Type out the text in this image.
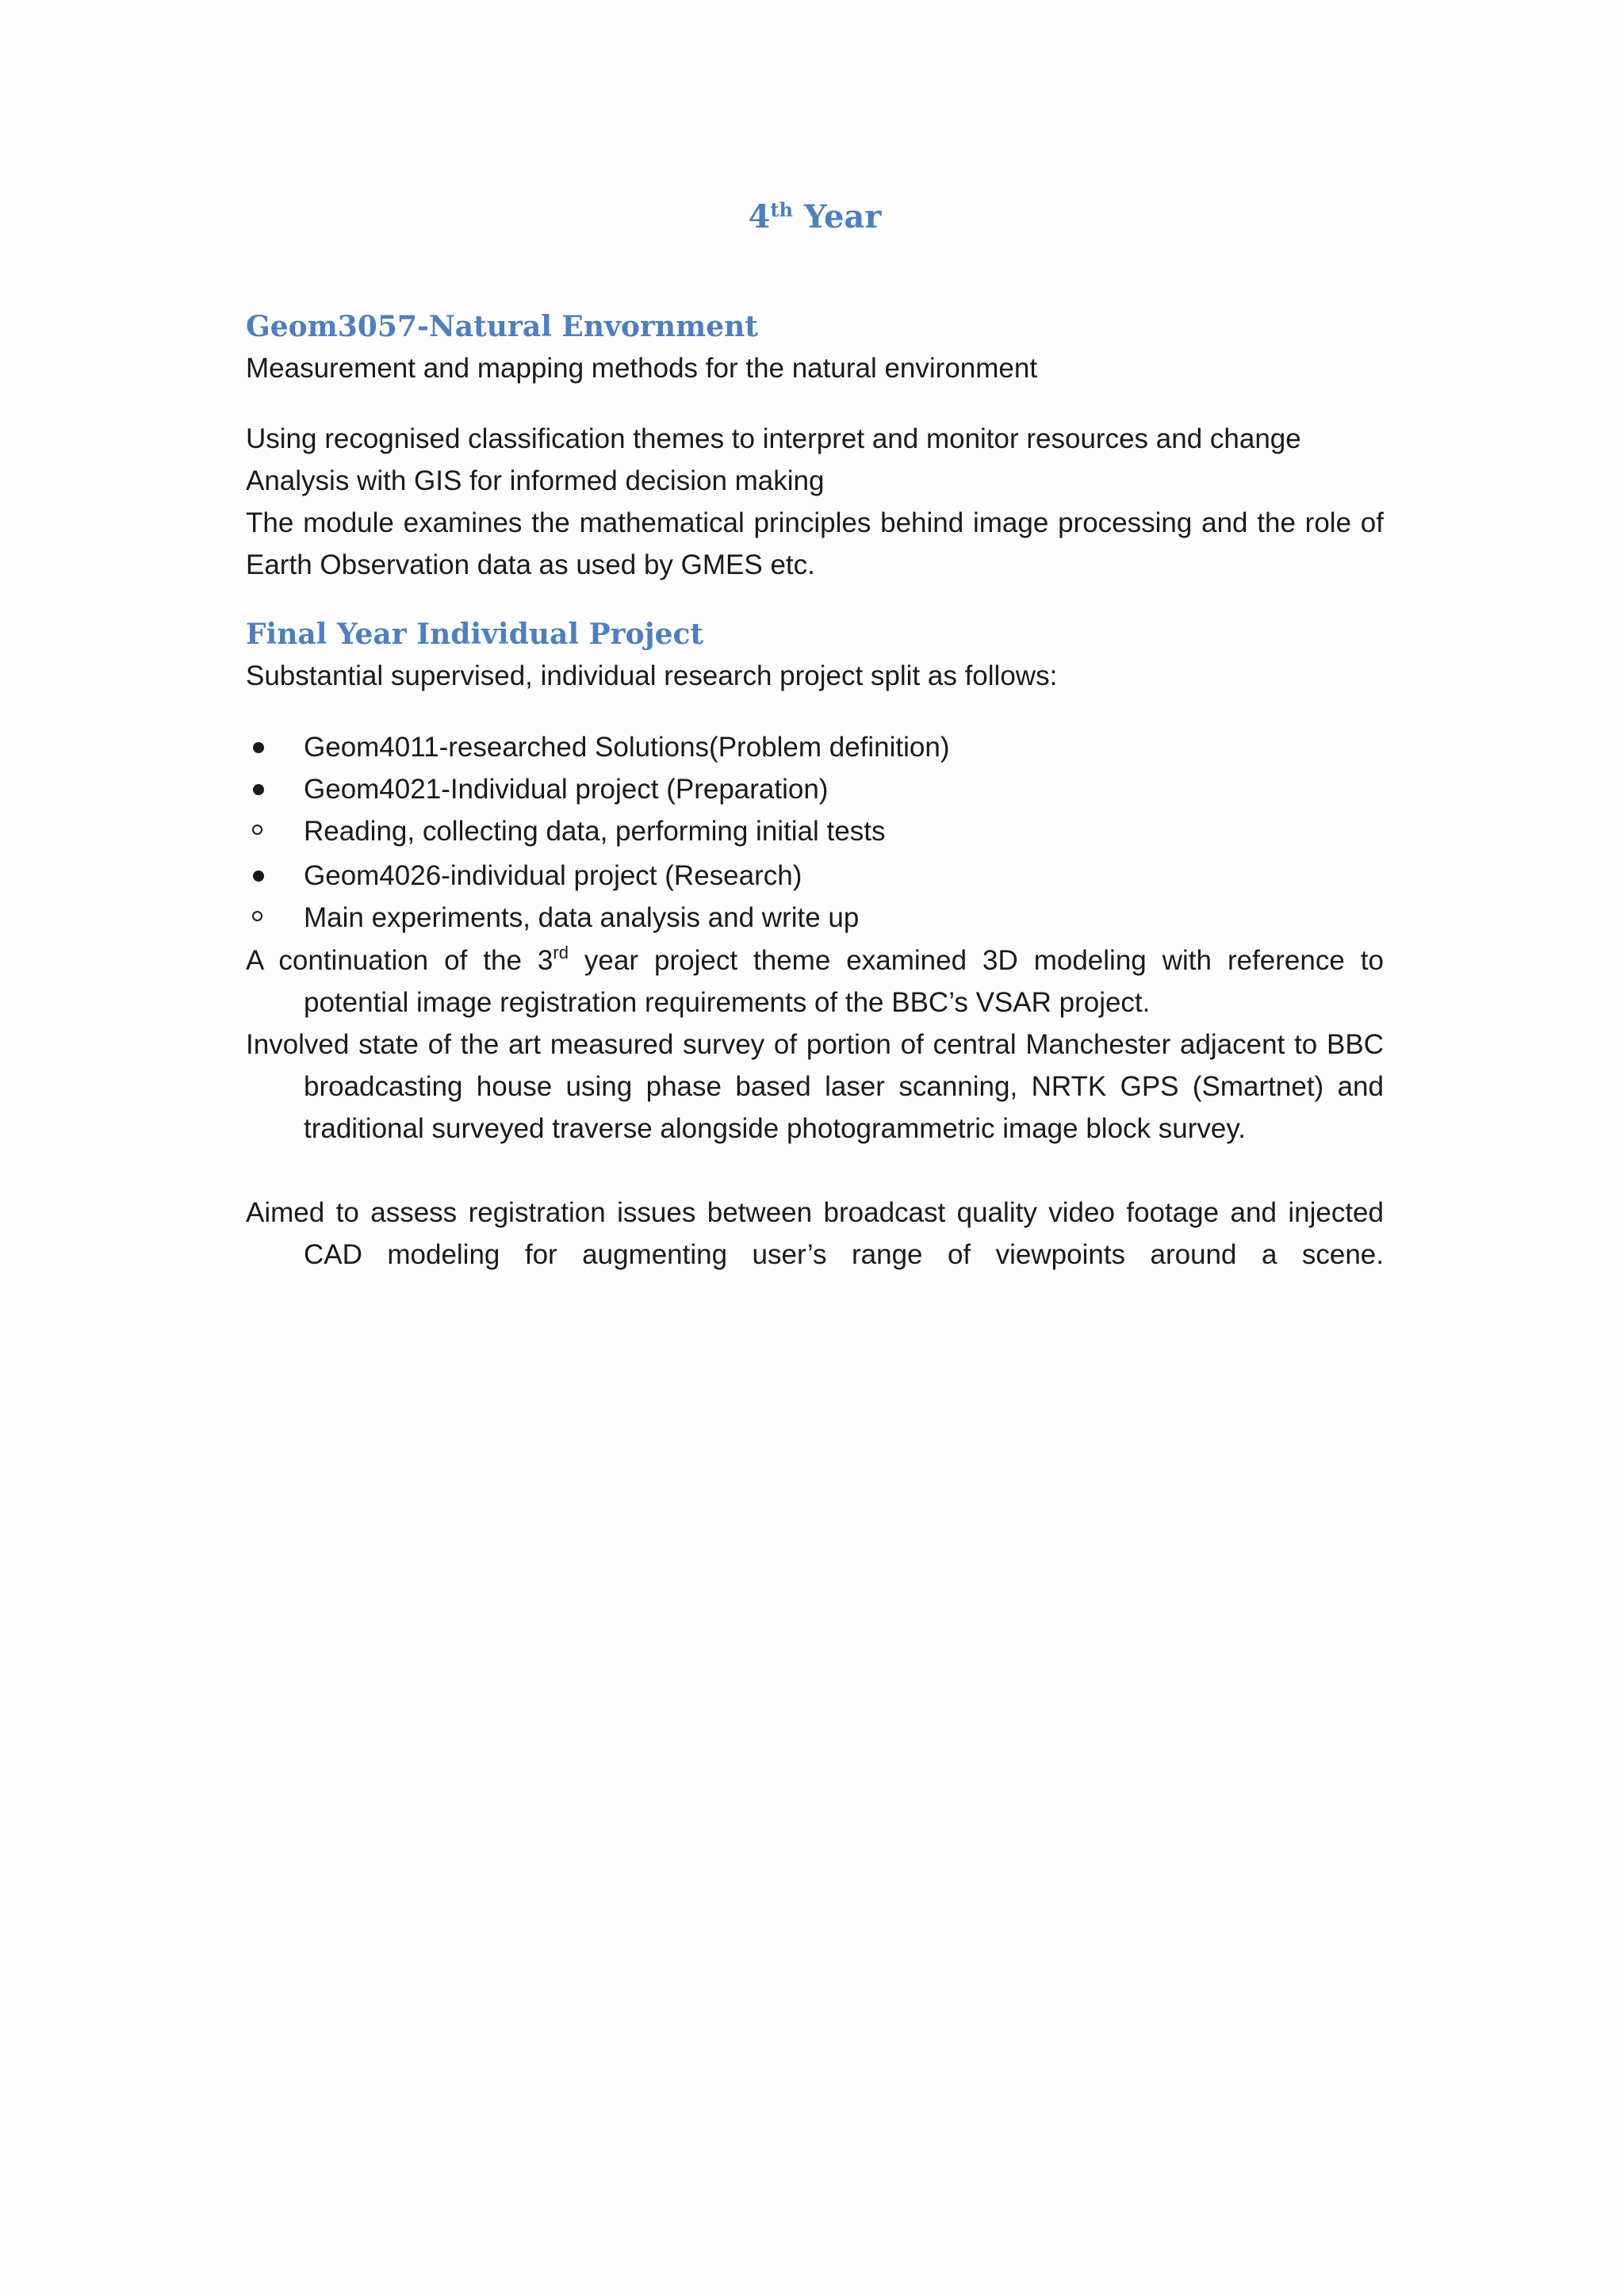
4th Year
Geom3057-Natural Envornment
Measurement and mapping methods for the natural environment
Using recognised classification themes to interpret and monitor resources and change
Analysis with GIS for informed decision making
The module examines the mathematical principles behind image processing and the role of
Earth Observation data as used by GMES etc.
Final Year Individual Project
Substantial supervised, individual research project split as follows:
Geom4011-researched Solutions(Problem definition)
Geom4021-Individual project (Preparation)
Reading, collecting data, performing initial tests
Geom4026-individual project (Research)
Main experiments, data analysis and write up
A continuation of the 3rd year project theme examined 3D modeling with reference to
potential image registration requirements of the BBC’s VSAR project.
Involved state of the art measured survey of portion of central Manchester adjacent to BBC
broadcasting house using phase based laser scanning, NRTK GPS (Smartnet) and
traditional surveyed traverse alongside photogrammetric image block survey.
Aimed to assess registration issues between broadcast quality video footage and injected
CAD modeling for augmenting user’s range of viewpoints around a scene.
